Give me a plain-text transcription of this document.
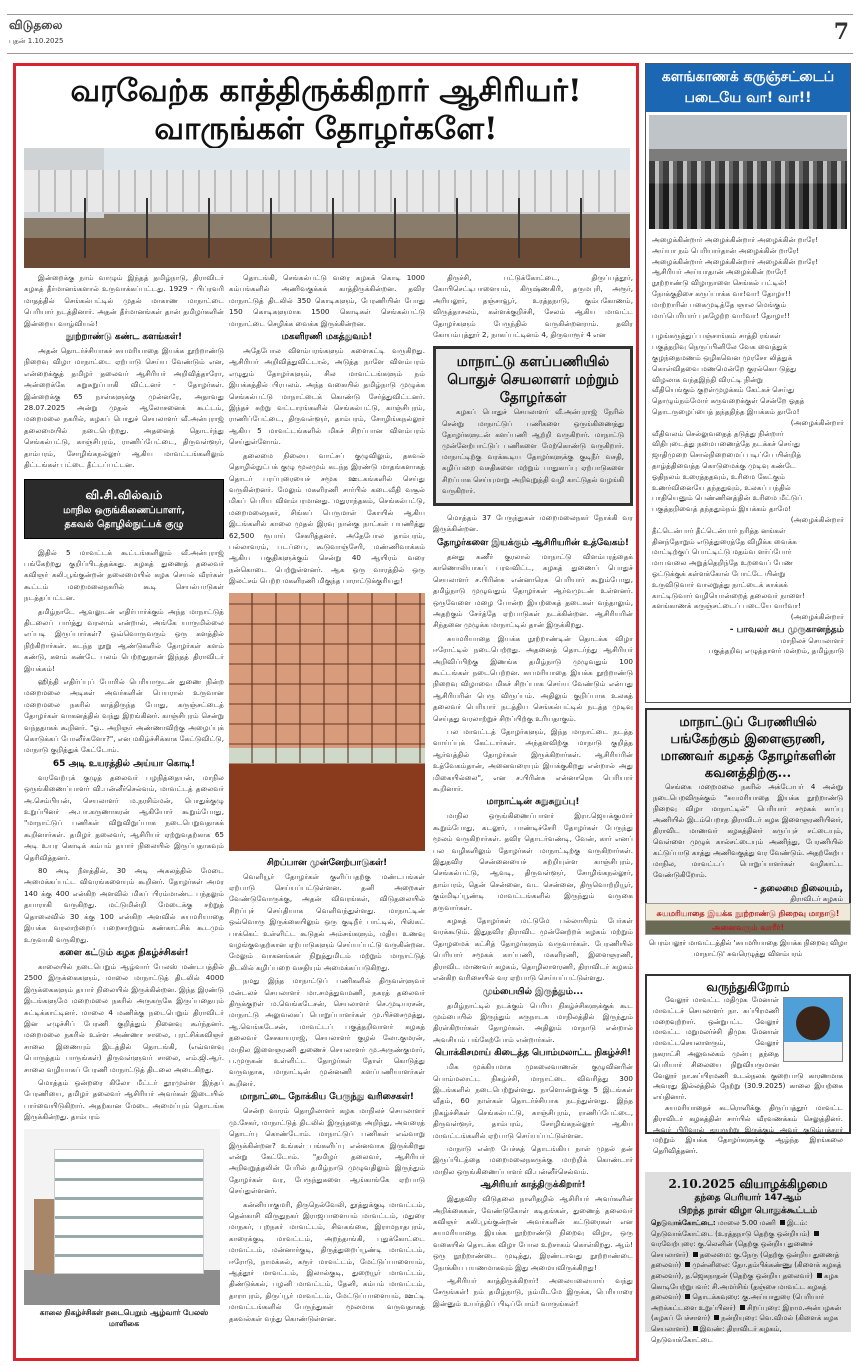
விடுதலை
புதன் 1.10.2025	7
வரவேற்க காத்திருக்கிறார் ஆசிரியர்!
வாருங்கள் தோழர்களே!

இன்றைக்கு நாம் வாழும் இந்தத் தமிழ்நாடு, திராவிடர் கழகத் தீர்மானங்களால் உருவாக்கப்பட்டது. 1929 - பிப்ரவரி மாதத்தில் செங்கல்பட்டில் முதல் மாகாண மாநாட்டை பெரியார் நடத்தினார். அதன் தீர்மானங்கள் தான் தமிழர்களின் இன்றைய வாழ்வியல்!

நூற்றாண்டு கண்ட களங்கள்!

அதன் தொடர்ச்சியாகச் சுயமரியாதை இயக்க நூற்றாண்டு நிறைவு விழா மாநாட்டை ஏற்பாடு செய்ய வேண்டும் என, என்றைக்குத் தமிழர் தலைவர் ஆசிரியர் அறிவித்தாரோ, அன்றைக்கே சுறுசுறுப்பாகி விட்டனர் - தோழர்கள். இன்றைக்கு 65 நாள்களுக்கு முன்னரே, அதாவது 28.07.2025 அன்று முதல் ஆலோசனைக் கூட்டம், மறைமலை நகரில், கழகப் பொதுச் செயலாளர் வீ.அன்புராஜ் தலைமையில் நடைபெற்றது. அதனைத் தொடர்ந்து செங்கல்பட்டு, காஞ்சிபுரம், ராணிப்பேட்டை, திருவள்ளூர், தாம்பரம், சோழிங்கநல்லூர் ஆகிய மாவட்டங்களிலும் திட்டங்கள் பட்டை தீட்டப்பட்டன.

வி.சி.வில்வம்
மாநில ஒருங்கிணைப்பாளர்,
தகவல் தொழில்நுட்பக் குழு

இதில் 5 மாவட்டக் கூட்டங்களிலும் வீ.அன்புராஜ் பங்கேற்றது குறிப்பிடத்தக்கது. கழகத் துணைத் தலைவர் கவிஞர் கலி.பூங்குன்றன் தலைமையில் கழக செயல் வீரர்கள் கூட்டம் மறைமலைநகரில் கூடி செயல்பாடுகள் நடத்தப்பட்டன.

தமிழ்நாடே ஆவலுடன் எதிர்பார்க்கும் அந்த மாநாட்டுத் திடலைப் பார்த்து வரலாம் என்றால், அங்கே யாருமில்லை எப்படி இருப்பார்கள்? ஒவ்வொருவரும் ஒரு களத்தில் நிற்கிறார்கள். கடந்த நூறு ஆண்டுகளில் தோழர்கள் களம் கண்டு, களம் கண்டே பலம் பெற்றதுதான் இந்தத் திராவிடர் இயக்கம்!

ஹிந்தி எதிர்ப்புப் போரில் பெரியாருடன் துணை நின்ற மறைமலை அடிகள் அவர்களின் பெயரால் உருவான மறைமலை நகரில் காத்திருந்த போது, கருஞ்சட்டைத் தோழர்கள் வாகனத்தில் வந்து இறங்கினர். காஞ்சிபுரம் சென்று வந்ததாகக் கூறினர். "ஓ.. அறிஞர் அண்ணாவிற்கு அழைப்புக் கொடுக்கப் போனீர்களோ?", என மகிழ்ச்சிக்காக கேட்டுவிட்டு, மாநாடு குறித்துக் கேட்டோம்.

65 அடி உயரத்தில் அய்யா கொடி!

வரவேற்புக் குழுத் தலைவர் பழநித்தையன், மாநில ஒருங்கிணைப்பாளர் வி.பன்னீர்செல்வம், மாவட்டத் தலைவர் அ.செம்பியன், செயலாளர் ம.நரசிம்மன், பொதுக்குழு உறுப்பினர் அ.பா.கருணாகரன் ஆகியோர் கூறும்போது, "மாநாட்டுப் பணிகள் விறுவிறுப்பாக நடைபெறுவதாகக் கூறினார்கள். தமிழர் தலைவர், ஆசிரியர் ஏற்றுவதற்காக 65 அடி உயர கொடிக் கம்பம் தயார் நிலையில் இருப்பதாகவும் தெரிவித்தனர்.

80 அடி நீளத்தில், 30 அடி அகலத்தில் மேடை அமைக்கப்பட்ட விவரங்களையும் கூறினர். தோழர்கள் அமர 140 க்கு 400 என்கிற அளவில் மிகப் பிரம்மாண்ட பந்தலும் தயாராகி வருகிறது. மட்டுமின்றி மேடைக்கு சற்றுத் தொலைவில் 30 க்கு 100 என்கிற அளவில் சுயமரியாதை இயக்க வரலாற்றைப் பறைசாற்றும் கண்காட்சிக் கூடமும் உருவாகி வருகிறது.

களை கட்டும் கழக நிகழ்ச்சிகள்!

காலையில் நடைபெறும் ஆழ்வார் பேலஸ் மண்டபத்தில் 2500 இருக்கைகளும், மாலை மாநாட்டுத் திடலில் 4000 இருக்கைகளும் தயார் நிலையில் இருக்கின்றன. இந்த இரண்டு இடங்களுமே மறைமலை நகரில் அருகருகே இருப்பதையும் சுட்டிக்காட்டினர். மாலை 4 மணிக்கு நடைபெறும் திராவிடர் இன எழுச்சிப் பேரணி குறித்தும் நினைவு கூர்ந்தனர். மறைமலை நகரில் உள்ள அண்ணா சாலை, புரட்சிக்கவிஞர் சாலை இணையும் இடத்தில் தொடங்கி, (எவ்வளவு பொருத்தம் பாருங்கள்) திருவள்ளுவர் சாலை, எம்.ஜி.ஆர். சாலை வழியாகப் பேரணி மாநாட்டுத் திடலை அடைகிறது.

மொத்தம் ஒன்றரை கிலோ மீட்டர் தூரமுள்ள இந்தப் பேரணியை, தமிழர் தலைவர் ஆசிரியர் அவர்கள் இடையில் பார்வையிடுகிறார். அதற்கான மேடை அமைப்பும் தொடங்க இருக்கின்றது. தாம்பரம்

காலை நிகழ்ச்சிகள் நடைபெறும் ஆழ்வார் பேலஸ் மாளிகை

தொடங்கி, செங்கல்பட்டு வரை கழகக் கொடி 1000 கம்பங்களில் அணிவகுக்கக் காத்திருக்கின்றன. தவிர மாநாட்டுத் திடலில் 350 கொடிகளும், பேரணியின் போது 150 கொடிகளுமாக 1500 கொடிகள் செங்கல்பட்டு மாநாட்டை செழிக்க வைக்க இருக்கின்றன.

மகளிரணி மகத்துவம்!

அதேபோல விளம்பரங்களும் களைகட்டி வருகிறது. ஆசிரியர் அறிவித்துவிட்டால், அடுத்த நாளே விளம்பரம் எழுதும் தோழர்களும், சில மாவட்டங்களும் நம் இயக்கத்தில் பிரபலம். அந்த வகையில் தமிழ்நாடு முழுக்க செங்கல்பட்டு மாநாட்டைக் கொண்டு சேர்த்துவிட்டனர். இந்தச் சுற்று வட்டாரங்களில் செங்கல்பட்டு, காஞ்சிபுரம், ராணிப்பேட்டை, திருவள்ளூர், தாம்பரம், சோழிங்கநல்லூர் ஆகிய 5 மாவட்டங்களில் மிகச் சிறப்பான விளம்பரம் செய்துள்ளோம்.

தலைமை நிலைய வாட்சப் குழுவிலும், தகவல் தொழில்நுட்பக் குழு மூலமும் கடந்த இரண்டு மாதங்களாகத் தொடர் பரப்புரையைச் சமூக ஊடகங்களில் செய்து வருகின்றனர். மேலும் மகளிரணி சார்பில் கடைவீதி வசூல் மிகப் பெரிய விளம்பரமானது. மதுராந்தகம், செங்கல்பட்டு, மறைமலைநகர், சிங்கப் பெருமாள் கோயில் ஆகிய இடங்களில் காலை முதல் இரவு நான்கு நாட்கள் பயணித்து 62,500 ரூபாய் சேகரித்தனர். அதேபோல தாம்பரம், பல்லாவரம், படப்பை, கூடுவாஞ்சேரி, மண்ணிவாக்கம் ஆகிய பகுதிகளுக்கும் சென்று 40 ஆயிரம் வரை நன்கொடை பெற்றுள்ளனர். ஆக ஒரு வாரத்தில் ஒரு இலட்சம் பெற்ற மகளிரணி மிகுந்த பாராட்டுக்குரியது!

சிறப்பான முன்னேற்பாடுகள்!

வெளியூர் தோழர்கள் குளிப்பதற்கு மண்டபங்கள் ஏற்பாடு செய்யப்பட்டுள்ளன. தனி அறைகள் வேண்டுவோருக்கு, அதன் விவரங்கள், விடுதலையில் சிறப்புச் செய்தியாக வெளிவந்துள்ளது. மாநாட்டின் ஒவ்வொரு இருக்கையிலும் ஒரு குடிநீர் பாட்டில், பிஸ்கட் பாக்கெட் உள்ளிட்ட கூடுதல் அம்சங்களும், மதிய உணவு வழங்குவதற்கான ஏற்பாடுகளும் செய்யப்பட்டு வருகின்றன. மேலும் வாகனங்கள் நிறுத்துமிடம் மற்றும் மாநாட்டுத் திடலில் கழிப்பறை வசதியும் அமைக்கப்படுகிறது.

நமது இந்த மாநாட்டுப் பணிகளில் திருவள்ளுவர் மன்டலச் செயலாளர் மா.சமத்துவமணி, நகரத் தலைவர் திருக்குறள் ம.வெங்கடேசன், செயலாளர் செ.முடியரசன், மாநாட்டு அலுவலகப் பொறுப்பாளர்கள் மு.பிச்சைமுத்து, ஆ.வெங்கடேசன், மாவட்டப் பகுத்தறிவாளர் கழகத் தலைவர் சேசகாயராஜ், செயலாளர் குழல் லோ.குமரன், மாநில இளைஞரணி துணைச் செயலாளர் மு.அருண்குமார், ப.முருகன் உள்ளிட்ட தோழர்கள் தோள் கொடுத்து வருவதாக, மாநாட்டின் முன்னணி களப்பணியாளர்கள் கூறினர்.

மாநாட்டை நோக்கிய பேருந்து வரிசைகள்!

சென்ற வாரம் தொழிலாளர் கழக மாநிலச் செயலாளர் மு.சேகர், மாநாட்டுத் திடலில் இருந்ததை அறிந்து, அவரைத் தொடர்பு கொண்டோம். மாநாட்டுப் பணிகள் எவ்வாறு இருக்கின்றன? உங்கள் பங்களிப்பு என்னவாக இருக்கிறது என்று கேட்டோம். "தமிழர் தலைவர், ஆசிரியர் அறிவுறுத்தலின் பேரில் தமிழ்நாடு முழுவதிலும் இருந்தும் தோழர்கள் வர, பேருந்துகளை ஆங்காங்கே ஏற்பாடு செய்துள்ளனர்.

கன்னியாகுமரி, திருநெல்வேலி, தூத்துக்குடி மாவட்டம், தென்காசி விருதுநகர் இராஜபாளையம் மாவட்டம், மதுரை மாநகர், புறநகர் மாவட்டம், சிவகங்கை, இராமநாதபுரம், காரைக்குடி மாவட்டம், அறந்தாங்கி, புதுக்கோட்டை மாவட்டம், மன்னார்குடி, திருத்துறைப்பூண்டி மாவட்டம், ஈரோடு, நாமக்கல், கரூர் மாவட்டம், மேட்டுப்பாளையம், ஆத்தூர் மாவட்டம், இலால்குடி, துறையூர் மாவட்டம், திண்டுக்கல், பழனி மாவட்டம், தேனி, கம்பம் மாவட்டம், தாராபுரம், திருப்பூர் மாவட்டம், மேட்டுப்பாளையம், ஊட்டி மாவட்டங்களில் பேருந்துகள் மூலமாக வருவதாகத் தகவல்கள் வந்து கொண்டுள்ளன.

திருச்சி, பட்டுக்கோட்டை, திருப்பத்தூர், கோபிசெட்டிபாளையம், கிருஷ்ணகிரி, தருமபுரி, அரூர், அரியலூர், தஞ்சாவூர், உரத்தநாடு, கும்பகோணம், விருத்தாசலம், கள்ளக்குறிச்சி, சேலம் ஆகிய மாவட்ட தோழர்களும் பேருந்தில் வருகின்றனராம். தவிர கோயம்புத்தூர் 2, நாகப்பட்டினம் 4, திருவாரூர் 4 என

மாநாட்டு களப்பணியில் பொதுச் செயலாளர் மற்றும் தோழர்கள்

கழகப் பொதுச் செயலாளர் வீ.அன்புராஜ் நேரில் சென்று மாநாட்டுப் பணிகளை ஒருங்கிணைத்து தோழர்களுடன் களப்பணி ஆற்றி வருகிறார். மாநாட்டு முன்னேற்பாட்டுப் பணிகளை மேற்கொண்டு வருகிறார். மாநாட்டிற்கு வரக்கூடிய தோழர்களுக்கு குடிநீர் வசதி, கழிப்பறை வசதிகளை மற்றும் பாதுகாப்பு ஏற்பாடுகளை சிறப்பாக செய்யுமாறு அறிவுறுத்தி வழி காட்டுதல் வழங்கி வருகிறார்.

மொத்தம் 37 பேருந்துகள் மறைமலைநகர் நோக்கி வர இருக்கின்றன.

தோழர்களை இயக்கும் ஆசிரியரின் உத்வேகம்!

தனது கணீர் குரலால் மாநாட்டு விளம்பரத்தைக் காணொலியாகப் பரவவிட்ட, கழகத் துணைப் பொதுச் செயலாளர் ச.பிரின்சு என்னாரெசு பெரியார் கூறும்போது, தமிழ்நாடு முழுவதும் தோழர்கள் ஆர்வமுடன் உள்ளனர். ஒருவேளை மழை போன்ற இயற்கைத் தடைகள் வந்தாலும், அதற்கும் சேர்த்தே ஏற்பாடுகள் நடக்கின்றன. ஆசிரியரின் சிந்தனை முழுக்க மாநாட்டில் தான் இருக்கிறது.

சுயமரியாதை இயக்க நூற்றாண்டின் தொடக்க விழா ஈரோட்டில் நடைபெற்றது. அதனைத் தொடர்ந்து ஆசிரியர் அறிவிப்பிற்கு இணங்க தமிழ்நாடு முழுவதும் 100 கூட்டங்கள் நடைபெற்றன. சுயமரியாதை இயக்க நூற்றாண்டு நிறைவு விழாவை மிகச் சிறப்பாக செய்ய வேண்டும் என்பது ஆசிரியரின் பெரு விருப்பம். அதிலும் குறிப்பாக உலகத் தலைவர் பெரியார் நடத்திய செங்கல்பட்டில் நடத்த முடிவு செய்தது வரலாற்றுச் சிறப்பிற்கு உரியதாகும்.

பல மாவட்டத் தோழர்களும், இந்த மாநாட்டை நடத்த வாய்ப்புக் கேட்டார்கள். அந்தளவிற்கு மாநாடு குறித்த ஆர்வத்தில் தோழர்கள் இருக்கிறார்கள். ஆசிரியரின் உத்வேகம்தான், அனைவரையும் இயக்குகிறது என்றால் அது மிகையில்லை", என ச.பிரின்சு என்னாரெசு பெரியார் கூறினார்.

மாநாட்டின் சுறுசுறுப்பு!

மாநில ஒருங்கிணைப்பாளர் இரா.ஜெயக்குமார் கூறும்போது, கடலூர், பாண்டிச்சேரி தோழர்கள் பேருந்து மூலம் வருகிறார்கள். தவிர தொடர்வண்டி, வேன், கார் எனப் பல வழிகளிலும் தோழர்கள் மாநாட்டிற்கு வருகிறார்கள். இதுதவிர சென்னையைச் சுற்றியுள்ள காஞ்சிபுரம், செங்கல்பட்டு, ஆவடி, திருவள்ளூர், சோழிங்கநல்லூர், தாம்பரம், தென் சென்னை, வட சென்னை, திருவொற்றியூர், கும்மிடிப்பூண்டி மாவட்டங்களில் இருந்தும் வருகை தருவார்கள்.

கழகத் தோழர்கள் மட்டுமே பல்லாயிரம் பேர்கள் வரக்கூடும். இதுதவிர திராவிட முன்னேற்றக் கழகம் மற்றும் தோழமைக் கட்சித் தோழர்களும் வருவார்கள். பேரணியில் பெரியார் சமூகக் காப்பணி, மகளிரணி, இளைஞரணி, திராவிட மாணவர் கழகம், தொழிலாளரணி, திராவிடர் கழகம் என்கிற வரிசையில் வர ஏற்பாடு செய்யப்பட்டுள்ளது.

மும்பையில் இருந்தும்...

தமிழ்நாட்டில் நடக்கும் பெரிய நிகழ்ச்சிகளுக்குக் கூட மும்பையில் இருந்தும் கருநாடக மாநிலத்தில் இருந்தும் திரள்கிறார்கள் தோழர்கள். அதிலும் மாநாடு என்றால் அவசியம் பங்கேற்போம் என்றார்கள்.

பொக்கிசமாய் கிடைத்த பொம்மலாட்ட நிகழ்ச்சி!

மிக முக்கியமாக முகலைவாணன் குழுவினரின் பொம்மலாட்ட நிகழ்ச்சி, மாநாட்டை விவரித்து 300 இடங்களில் நடைபெற்றுள்ளது. நாளொன்றுக்கு 5 இடங்கள் வீதம், 60 நாள்கள் தொடர்ச்சியாக நடந்துள்ளது. இந்த நிகழ்ச்சிகள் செங்கல்பட்டு, காஞ்சிபுரம், ராணிப்பேட்டை, திருவள்ளூர், தாம்பரம், சோழிங்கநல்லூர் ஆகிய மாவட்டங்களில் ஏற்பாடு செய்யப்பட்டுள்ளன.

மாநாடு என்ற பேச்சுத் தொடங்கிய நாள் முதல் தன் இருப்பிடத்தை மறைமலைநகருக்கு மாற்றிக் கொண்டார் மாநில ஒருங்கிணைப்பாளர் வி.பன்னீர்செல்வம்.

ஆசிரியர் காத்திருக்கிறார்!

இதுதவிர விடுதலை நாளிதழில் ஆசிரியர் அவர்களின் அறிக்கைகள், வேண்டுகோள் கடிதங்கள், துணைத் தலைவர் கவிஞர் கலி.பூங்குன்றன் அவர்களின் கட்டுரைகள் என சுயமரியாதை இயக்க நூற்றாண்டு நிறைவு விழா, ஒரு வகையில் தொடக்க விழா போல உற்சாகம் கொள்கிறது. ஆம்! ஒரு நூற்றாண்டை முடித்து, இரண்டாவது நூற்றாண்டை நோக்கிய பயணமாகவும் இது அமையவிருக்கிறது!

ஆசிரியர் காத்திருக்கிறார்! அலையலையாய் வந்து சேருங்கள்! நம் தமிழ்நாடு, நம்மிடமே இருக்க, பெரியாரை இன்னும் உயர்த்திப் பிடிப்போம்! வாருங்கள்!

களங்காணக் கருஞ்சட்டைப்
படையே வா! வா!!
அழைக்கின்றார் அழைக்கின்றார் அழைக்கின் றாரே!
அய்யா நம் பெரியார்தான் அழைக்கின் றாரே!
அழைக்கின்றார் அழைக்கின்றார் அழைக்கின் றாரே!
ஆசிரியர் அய்யாதான் அழைக்கின் றாரே!
நூற்றாண்டு விழாநாளை செங்கல் பட்டில்!
நோக்குதிசை கருப்பாக்க வா!வா! தோழா!!
மாற்றாரின் பகைமுடித்தே ஞால மெங்கும்
மாப்பெரியார் புகழேற்ற வா!வா! தோழா!!
பழங்கருத்துப் பஞ்சாங்கம் சாத்தி ரங்கள்
பகுத்தறிவு நெருப்பினிலே வேக வைத்துக்
குழந்தைமணம் ஒழிகவென முரசோ லித்துக்
கொள்விதவை மணமென்றே குரல்கொ டுத்து
விழலாக வந்தஇந்தி விரட்டி நின்று
வீதியெங்கும் குறள்முழக்கம் கேட்கச் செய்து
தொழும்நம்மோர் கருவறைக்குள் சென்றே ஓதத்
தொடருழைப்பைத் தந்ததிந்த இயக்கம் தாமே!
(அழைக்கின்றார்
வீதிவலம் செல்லுவதைத் தடுத்து நின்றார்
விதிபுடைத்து நமைபணைத்தே நடக்கச் செய்து
ஜாதிமுறை சொல்நிறைமைப் படிப்பே யின்றித்
தாழ்த்திவைத்த கொடுமைக்கு முடிவு கண்டே
ஓதிநலம் உரைத்ததவும், உரிமை கேட்கும்
உணர்வினையே தந்ததுவும், உலகப் பந்தில்
பாதியெனும் பெண்ணினத்தின் உரிமை மீட்டுப்
பகுத்தறிவைத் தந்ததும்நம் இயக்கம் தாமே!
(அழைக்கின்றார்
தீட்டென்பார் தீட்டென்பார் நரித்த னங்கள்
தினந்தோறும் எடுத்துரைத்தே விழிக்க வைக்க
மாட்டிற்குப் பொட்டிட்டு மதம்வ ளர்ப்போர்
மாபவலை அறுத்தெறிந்தே உறவைப் பேண
ஓட்டுக்குக் கள்ளக்கோல் போட்டே யின்று
உருவிடுவார் வாலறுத்து நாட்டைக் காக்கக்
காட்டிடுவார் வழியொன்றைத் தலைவர் நாளை!
களங்காணக் கருஞ்சட்டைப் படையே வா!வா!
(அழைக்கின்றார்
- பாவலர் சுப முருகானந்தம்
மாநிலச் செயலாளர்
பகுத்தறிவு எழுத்தாளர் மன்றம், தமிழ்நாடு
மாநாட்டுப் பேரணியில் பங்கேற்கும் இளைஞரணி, மாணவர் கழகத் தோழர்களின் கவனத்திற்கு...

செங்கை மறைமலை நகரில் அக்டோபர் 4 அன்று நடைபெறவிருக்கும் "சுயமரியாதை இயக்க நூற்றாண்டு நிறைவு விழா மாநாட்டில்" பெரியார் சமூகக் காப்பு அணியில் இடம்பெறாத திராவிடர் கழக இளைஞரணியினர், திராவிட மாணவர் கழகத்தினர் கருப்புச் சட்டையும், வெள்ளை முழுக் கால்சட்டையும் அணிந்து, பேரணியில் கட்டுப்பாடு காத்து அணிவகுத்து வர வேண்டும். அதற்கேற்ப மாநில, மாவட்டப் பொறுப்பாளர்கள் வழிகாட்ட வேண்டுகிறோம்.

- தலைமை நிலையம்,
திராவிடர் கழகம்
சுயமரியாதை இயக்க நூற்றாண்டு நிறைவு மாநாடு! அனைவரும் வாரீர்!
பெரம்பலூர் மாவட்டத்தில் 'சுயமரியாதை இயக்க நிறைவு விழா மாநாட்டு' சுவரெழுத்து விளம்பரம்
வருந்துகிறோம்

வேலூர் மாவட்ட மதிமுக மேனாள் மாவட்டச் செயலாளர் நா. சுப்பிரமணி மறைவுற்றார். ஒன்றுபட்ட வேலூர் மாவட்ட மறுமலர்ச்சி திமுக மேனாள் மாவட்டசெயலாளரும், வேலூர் நகராட்சி அலுவலகம் முன்பு தந்தை பெரியார் சிலையை நிறுவியருமான வேலூர் நா.சுப்பிரமணி உடல்நலக் குறைபாடு காரணமாக அவரது இல்லத்தில் நேற்று (30.9.2025) காலை இயற்கை எய்தினார்.

சுயமரியாதைச் சுடரொளிக்கு திருப்பத்தூர் மாவட்ட திராவிடர் கழகத்தின் சார்பில் வீரவணக்கம் செலுத்தினர். அவர் பிரிவால் துயருற்று இருக்கும் அவர் குடும்பத்தார் மற்றும் இயக்க தோழர்களுக்கு ஆழ்ந்த இரங்கலை தெரிவித்தனர்.

2.10.2025 வியாழக்கிழமை
தந்தை பெரியார் 147ஆம்
பிறந்த நாள் விழா பொதுக்கூட்டம்

நெடுவாக்கோட்டை: மாலை 5.00 மணி இடம்: நெடுவாக்கோட்டை (உரத்தநாடு தெற்கு ஒன்றியம்) வரவேற்புரை: கு.லெனின் (தெற்கு ஒன்றிய துணைச் செயலாளர்) தலைமை: கு.நேரு (தெற்கு ஒன்றிய துணைத் தலைவர்) முன்னிலை: தோ.தம்பிக்கண்ணு (கிளைக் கழகத் தலைவர்), த.ஜெகநாதன் (தெற்கு ஒன்றிய தலைவர்) கழக கொடியேற்றுபவர்: சி.அமர்சிங் (தஞ்சை மாவட்ட கழகத் தலைவர்) தொடக்கவுரை: கு.அய்யாதுரை (பெரியார் அறக்கட்டளை உறுப்பினர்) சிறப்புரை: இராம.அன்பழகன் (கழகப் பேச்சாளர்) நன்றியுரை: வெ.விமல் (கிளைக் கழக செயலாளர்) இவண்: திராவிடர் கழகம், நெடுவாக்கோட்டை
